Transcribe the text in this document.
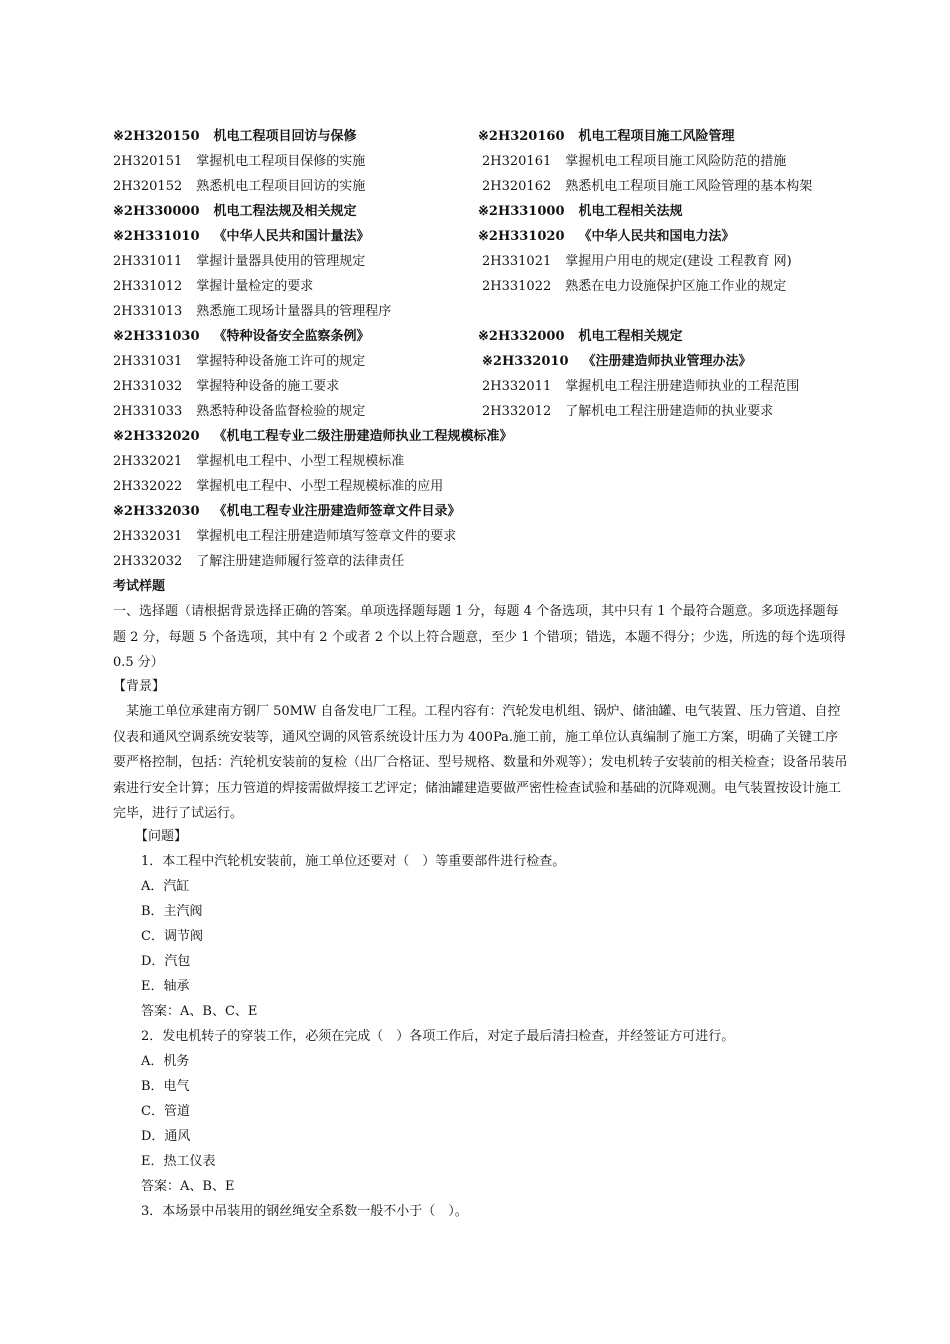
※2H320150 机电工程项目回访与保修
2H320151 掌握机电工程项目保修的实施
2H320152 熟悉机电工程项目回访的实施
※2H330000 机电工程法规及相关规定
※2H331010 《中华人民共和国计量法》
2H331011 掌握计量器具使用的管理规定
2H331012 掌握计量检定的要求
2H331013 熟悉施工现场计量器具的管理程序
※2H331030 《特种设备安全监察条例》
2H331031 掌握特种设备施工许可的规定
2H331032 掌握特种设备的施工要求
2H331033 熟悉特种设备监督检验的规定
※2H332020 《机电工程专业二级注册建造师执业工程规模标准》
2H332021 掌握机电工程中、小型工程规模标准
2H332022 掌握机电工程中、小型工程规模标准的应用
※2H332030 《机电工程专业注册建造师签章文件目录》
2H332031 掌握机电工程注册建造师填写签章文件的要求
2H332032 了解注册建造师履行签章的法律责任
※2H320160 机电工程项目施工风险管理
2H320161 掌握机电工程项目施工风险防范的措施
2H320162 熟悉机电工程项目施工风险管理的基本构架
※2H331000 机电工程相关法规
※2H331020 《中华人民共和国电力法》
2H331021 掌握用户用电的规定(建设 工程教育 网)
2H331022 熟悉在电力设施保护区施工作业的规定
※2H332000 机电工程相关规定
※2H332010 《注册建造师执业管理办法》
2H332011 掌握机电工程注册建造师执业的工程范围
2H332012 了解机电工程注册建造师的执业要求
考试样题
一、选择题（请根据背景选择正确的答案。单项选择题每题 1 分，每题 4 个备选项，其中只有 1 个最符合题意。多项选择题每题 2 分，每题 5 个备选项，其中有 2 个或者 2 个以上符合题意，至少 1 个错项；错选，本题不得分；少选，所选的每个选项得 0.5 分）
【背景】
某施工单位承建南方钢厂 50MW 自备发电厂工程。工程内容有：汽轮发电机组、锅炉、储油罐、电气装置、压力管道、自控仪表和通风空调系统安装等，通风空调的风管系统设计压力为 400Pa.施工前，施工单位认真编制了施工方案，明确了关键工序要严格控制，包括：汽轮机安装前的复检（出厂合格证、型号规格、数量和外观等）；发电机转子安装前的相关检查；设备吊装吊索进行安全计算；压力管道的焊接需做焊接工艺评定；储油罐建造要做严密性检查试验和基础的沉降观测。电气装置按设计施工完毕，进行了试运行。
【问题】
1．本工程中汽轮机安装前，施工单位还要对（　）等重要部件进行检查。
A．汽缸
B．主汽阀
C．调节阀
D．汽包
E．轴承
答案：A、B、C、E
2．发电机转子的穿装工作，必须在完成（　）各项工作后，对定子最后清扫检查，并经签证方可进行。
A．机务
B．电气
C．管道
D．通风
E．热工仪表
答案：A、B、E
3．本场景中吊装用的钢丝绳安全系数一般不小于（　）。
